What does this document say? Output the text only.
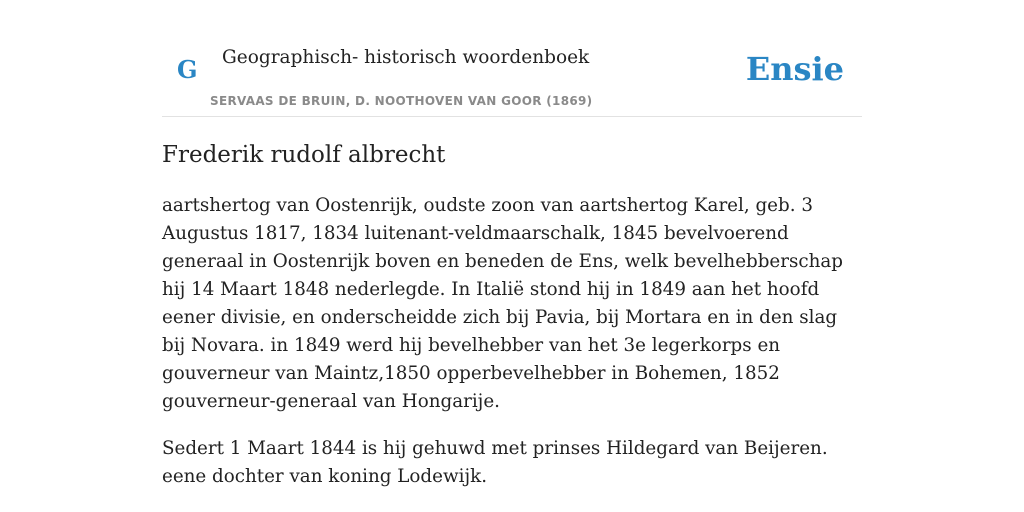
G Geographisch- historisch woordenboek
SERVAAS DE BRUIN, D. NOOTHOVEN VAN GOOR (1869)
Ensie
Frederik rudolf albrecht

aartshertog van Oostenrijk, oudste zoon van aartshertog Karel, geb. 3 Augustus 1817, 1834 luitenant-veldmaarschalk, 1845 bevelvoerend generaal in Oostenrijk boven en beneden de Ens, welk bevelhebberschap hij 14 Maart 1848 nederlegde. In Italië stond hij in 1849 aan het hoofd eener divisie, en onderscheidde zich bij Pavia, bij Mortara en in den slag bij Novara. in 1849 werd hij bevelhebber van het 3e legerkorps en gouverneur van Maintz,1850 opperbevelhebber in Bohemen, 1852 gouverneur-generaal van Hongarije.

Sedert 1 Maart 1844 is hij gehuwd met prinses Hildegard van Beijeren. eene dochter van koning Lodewijk.
